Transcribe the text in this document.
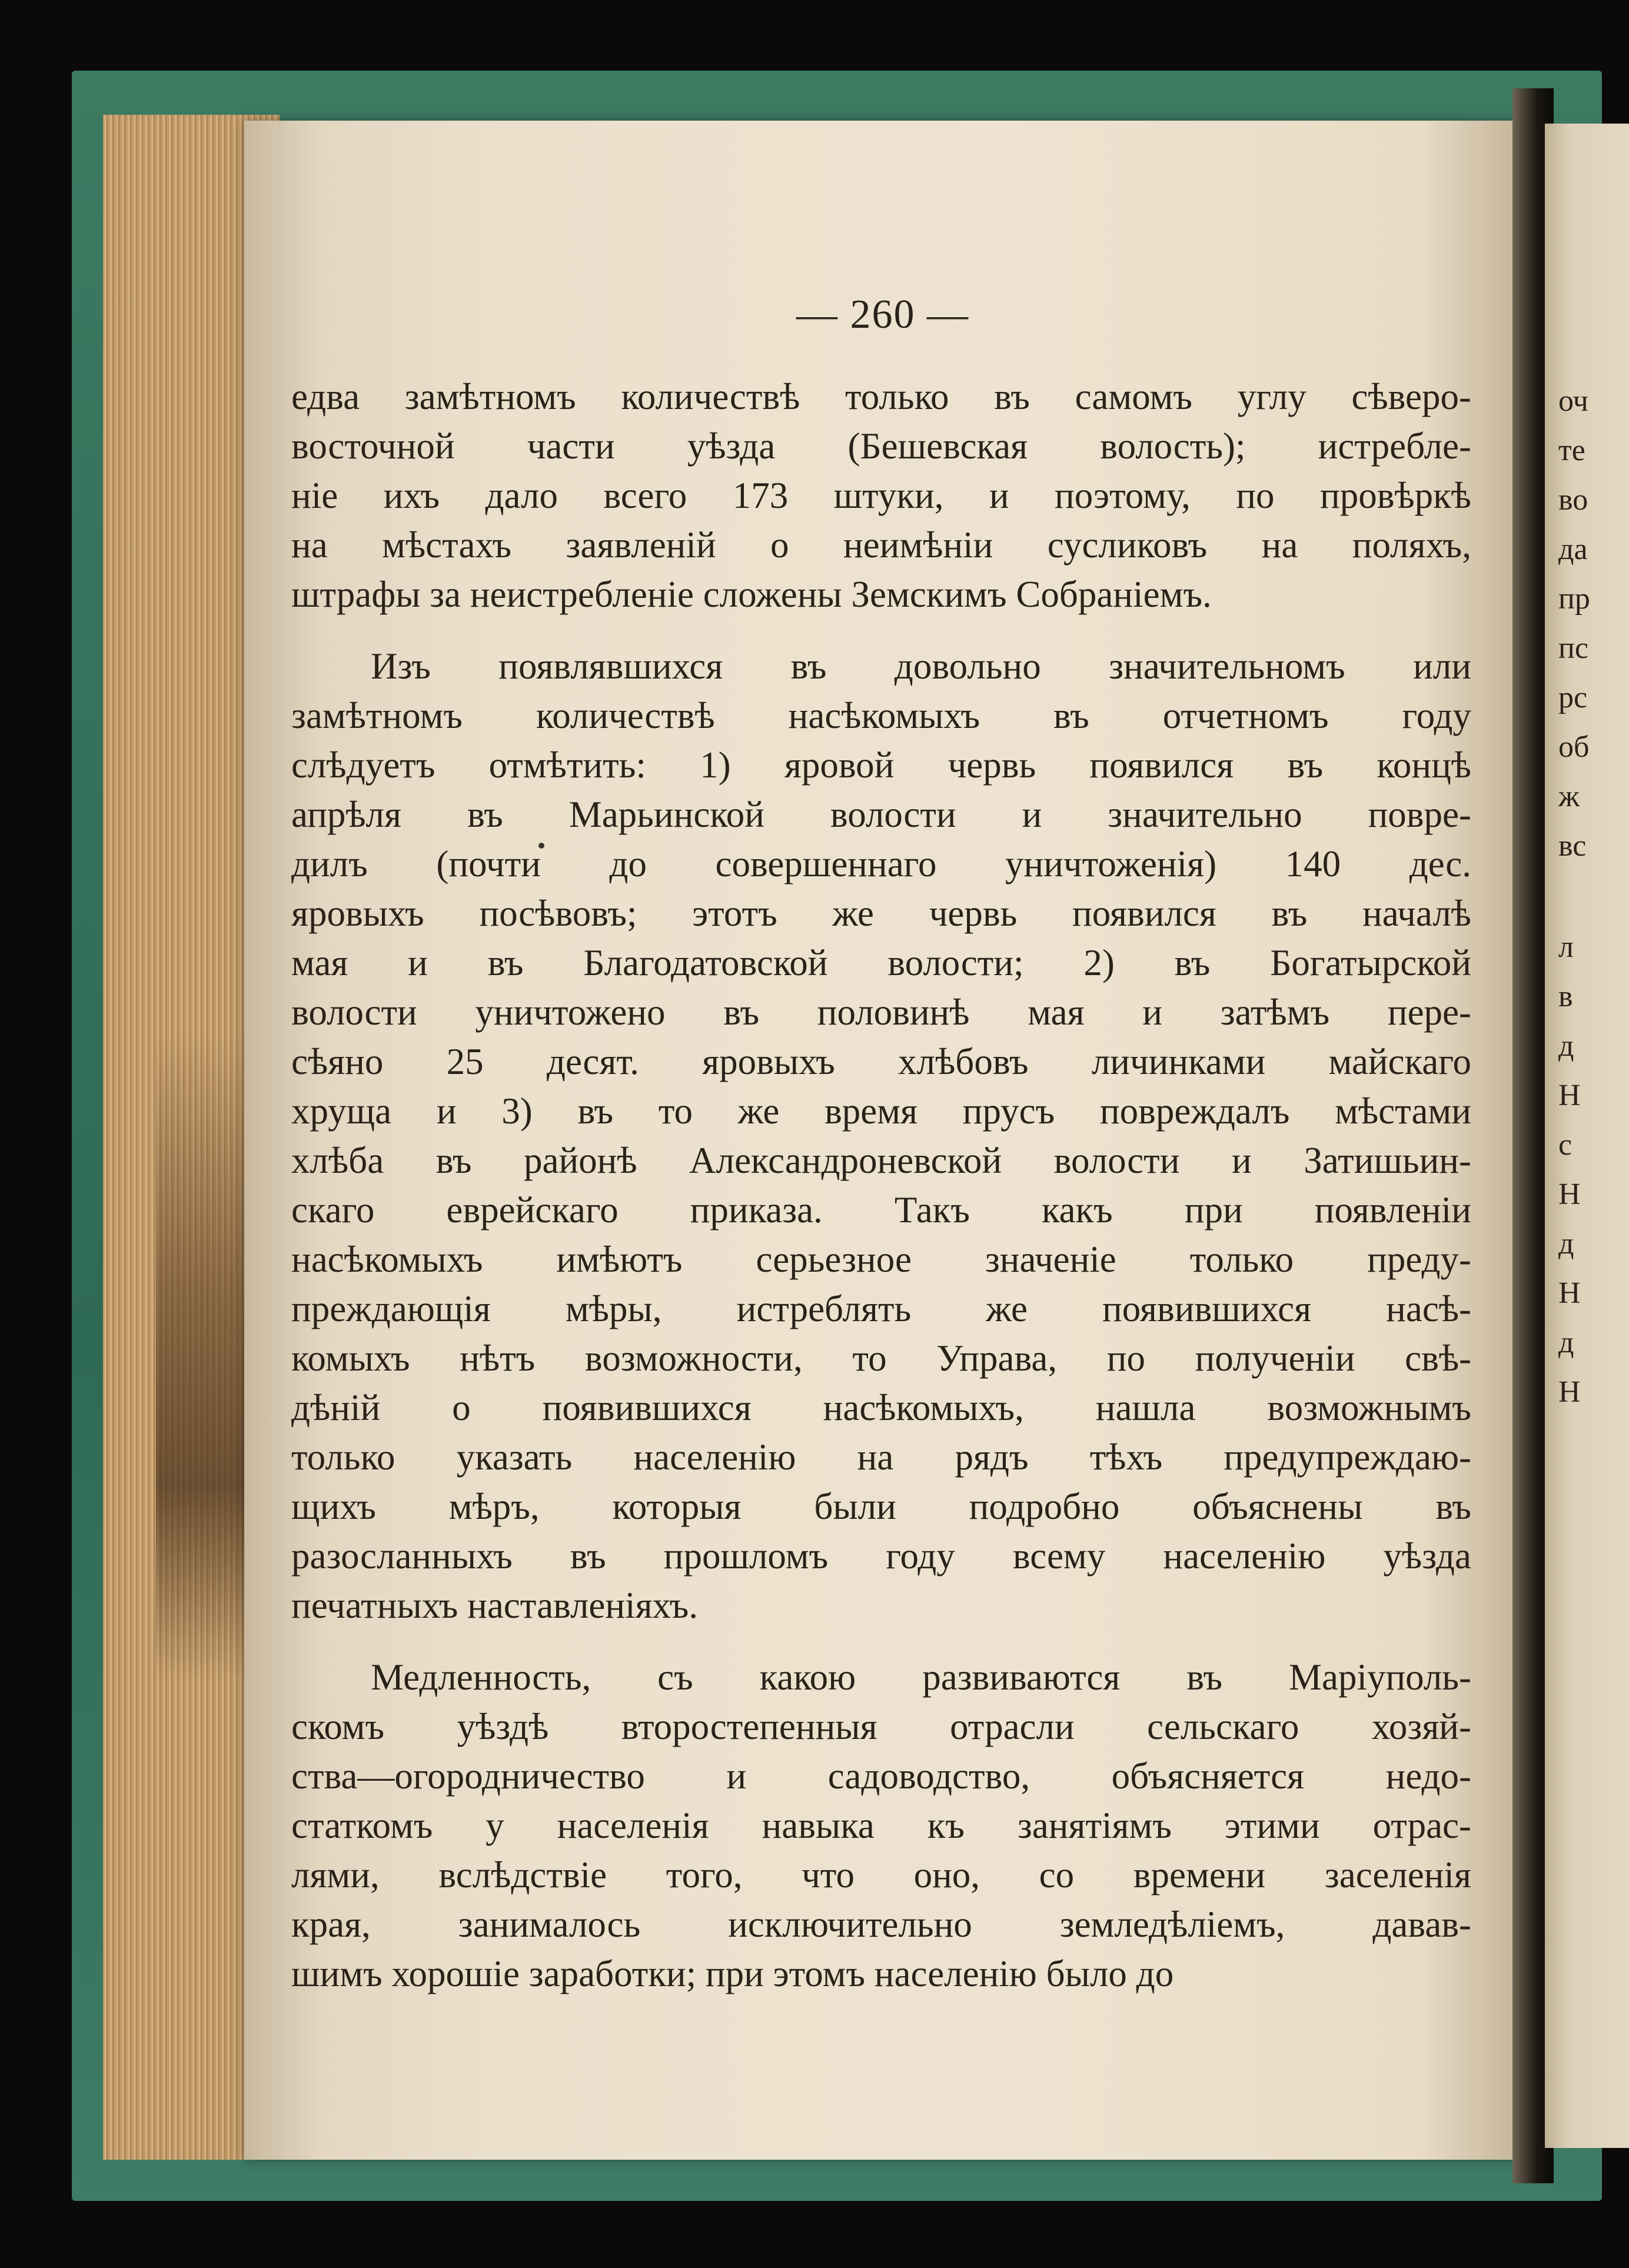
— 260 —
оч
те
во
да
пр
пс
рс
об
ж
вс
л
в
д
Н
с
Н
д
Н
д
Н
едва замѣтномъ количествѣ только въ самомъ углу сѣверо-
восточной части уѣзда (Бешевская волость); истребле-
ніе ихъ дало всего 173 штуки, и поэтому, по провѣркѣ
на мѣстахъ заявленій о неимѣніи сусликовъ на поляхъ,
штрафы за неистребленіе сложены Земскимъ Собраніемъ.
Изъ появлявшихся въ довольно значительномъ или
замѣтномъ количествѣ насѣкомыхъ въ отчетномъ году
слѣдуетъ отмѣтить: 1) яровой червь появился въ концѣ
апрѣля въ Марьинской волости и значительно повре-
дилъ (почти до совершеннаго уничтоженія) 140 дес.
яровыхъ посѣвовъ; этотъ же червь появился въ началѣ
мая и въ Благодатовской волости; 2) въ Богатырской
волости уничтожено въ половинѣ мая и затѣмъ пере-
сѣяно 25 десят. яровыхъ хлѣбовъ личинками майскаго
хруща и 3) въ то же время прусъ повреждалъ мѣстами
хлѣба въ районѣ Александроневской волости и Затишьин-
скаго еврейскаго приказа. Такъ какъ при появленіи
насѣкомыхъ имѣютъ серьезное значеніе только преду-
преждающія мѣры, истреблять же появившихся насѣ-
комыхъ нѣтъ возможности, то Управа, по полученіи свѣ-
дѣній о появившихся насѣкомыхъ, нашла возможнымъ
только указать населенію на рядъ тѣхъ предупреждаю-
щихъ мѣръ, которыя были подробно объяснены въ
разосланныхъ въ прошломъ году всему населенію уѣзда
печатныхъ наставленіяхъ.
Медленность, съ какою развиваются въ Маріуполь-
скомъ уѣздѣ второстепенныя отрасли сельскаго хозяй-
ства—огородничество и садоводство, объясняется недо-
статкомъ у населенія навыка къ занятіямъ этими отрас-
лями, вслѣдствіе того, что оно, со времени заселенія
края, занималось исключительно земледѣліемъ, давав-
шимъ хорошіе заработки; при этомъ населенію было до
